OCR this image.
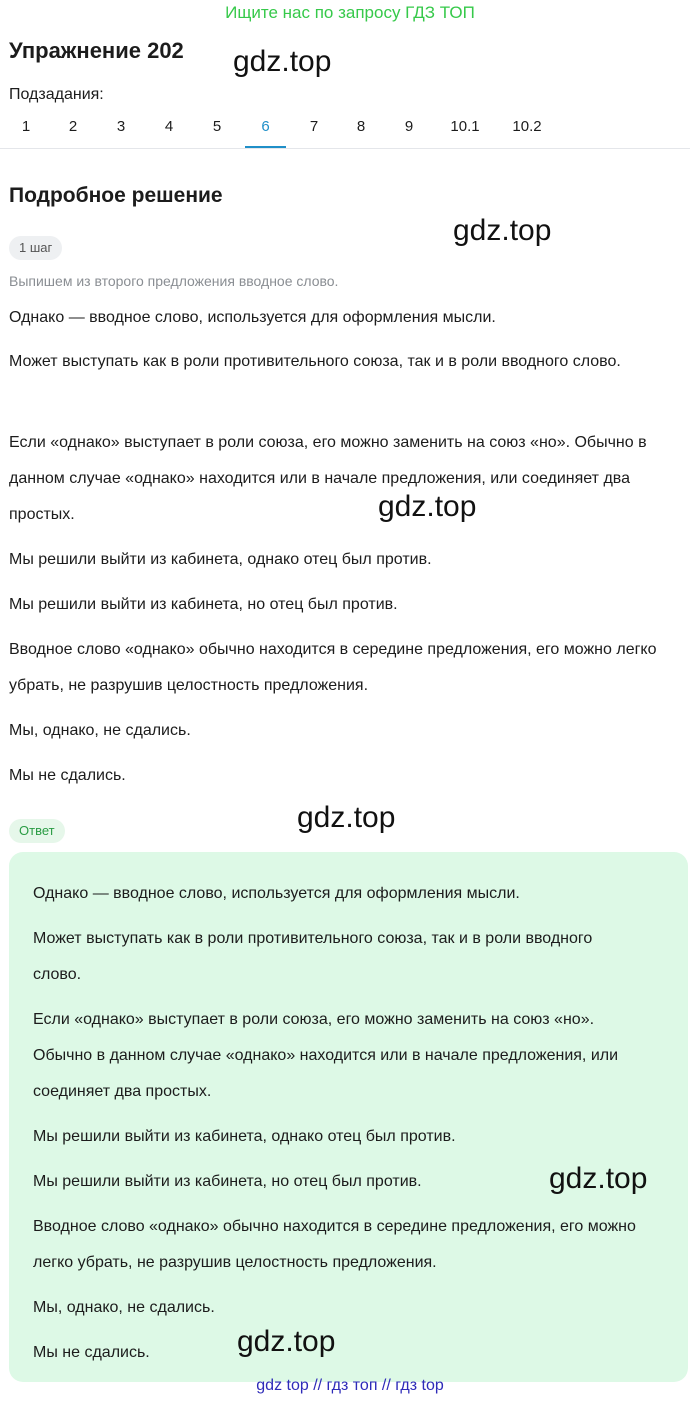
Ищите нас по запросу ГДЗ ТОП
Упражнение 202
Подзадания:
1	2	3	4	5	6	7	8	9	10.1	10.2
Подробное решение
1 шаг
Выпишем из второго предложения вводное слово.

Однако — вводное слово, используется для оформления мысли.

Может выступать как в роли противительного союза, так и в роли вводного слово.

Если «однако» выступает в роли союза, его можно заменить на союз «но». Обычно в данном случае «однако» находится или в начале предложения, или соединяет два простых.

Мы решили выйти из кабинета, однако отец был против.

Мы решили выйти из кабинета, но отец был против.

Вводное слово «однако» обычно находится в середине предложения, его можно легко убрать, не разрушив целостность предложения.

Мы, однако, не сдались.

Мы не сдались.

Ответ

Однако — вводное слово, используется для оформления мысли.

Может выступать как в роли противительного союза, так и в роли вводного слово.

Если «однако» выступает в роли союза, его можно заменить на союз «но». Обычно в данном случае «однако» находится или в начале предложения, или соединяет два простых.

Мы решили выйти из кабинета, однако отец был против.

Мы решили выйти из кабинета, но отец был против.

Вводное слово «однако» обычно находится в середине предложения, его можно легко убрать, не разрушив целостность предложения.

Мы, однако, не сдались.

Мы не сдались.

gdz.top
gdz.top
gdz.top
gdz.top
gdz.top
gdz.top
gdz top // гдз топ // гдз top
